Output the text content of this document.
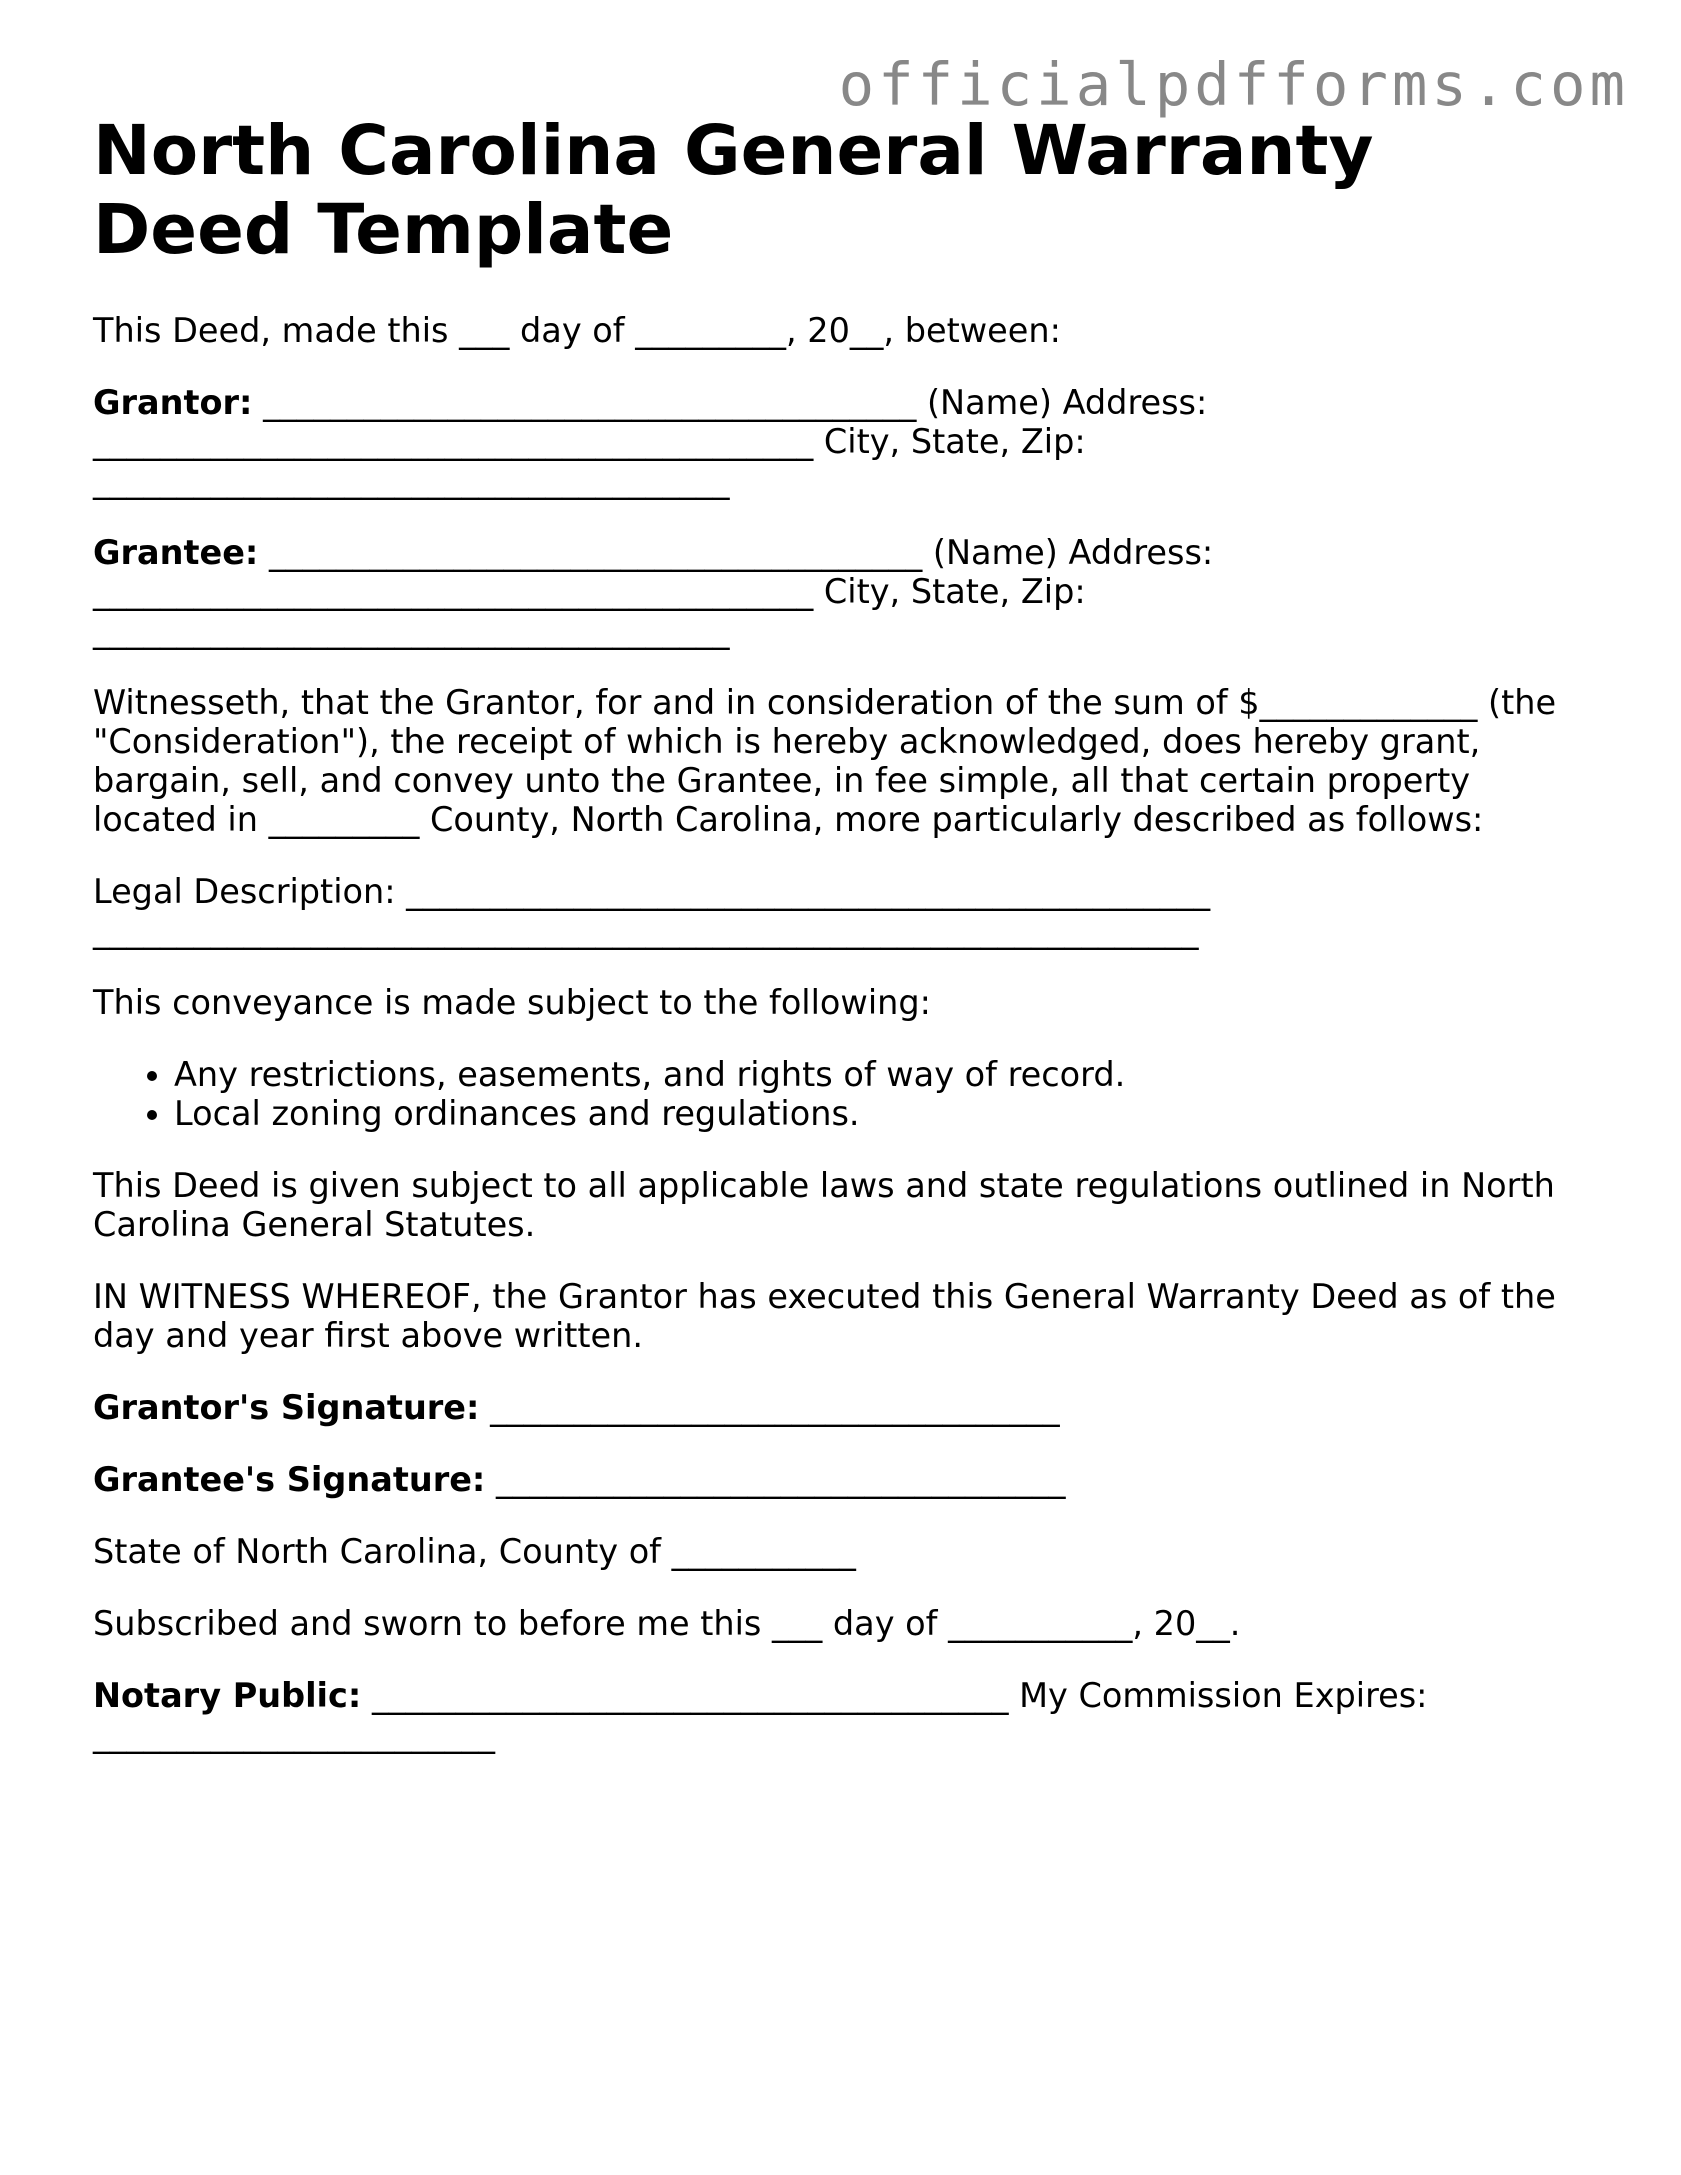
officialpdfforms.com
North Carolina General Warranty Deed Template

This Deed, made this ___ day of _________, 20__, between:

Grantor: _______________________________________ (Name) Address: ___________________________________________ City, State, Zip: ______________________________________

Grantee: _______________________________________ (Name) Address: ___________________________________________ City, State, Zip: ______________________________________

Witnesseth, that the Grantor, for and in consideration of the sum of $_____________ (the "Consideration"), the receipt of which is hereby acknowledged, does hereby grant, bargain, sell, and convey unto the Grantee, in fee simple, all that certain property located in _________ County, North Carolina, more particularly described as follows:

Legal Description: ________________________________________________ __________________________________________________________________

This conveyance is made subject to the following:

• Any restrictions, easements, and rights of way of record.
• Local zoning ordinances and regulations.

This Deed is given subject to all applicable laws and state regulations outlined in North Carolina General Statutes.

IN WITNESS WHEREOF, the Grantor has executed this General Warranty Deed as of the day and year first above written.

Grantor's Signature: __________________________________

Grantee's Signature: __________________________________

State of North Carolina, County of ___________

Subscribed and sworn to before me this ___ day of ___________, 20__.

Notary Public: ______________________________________ My Commission Expires: ________________________
